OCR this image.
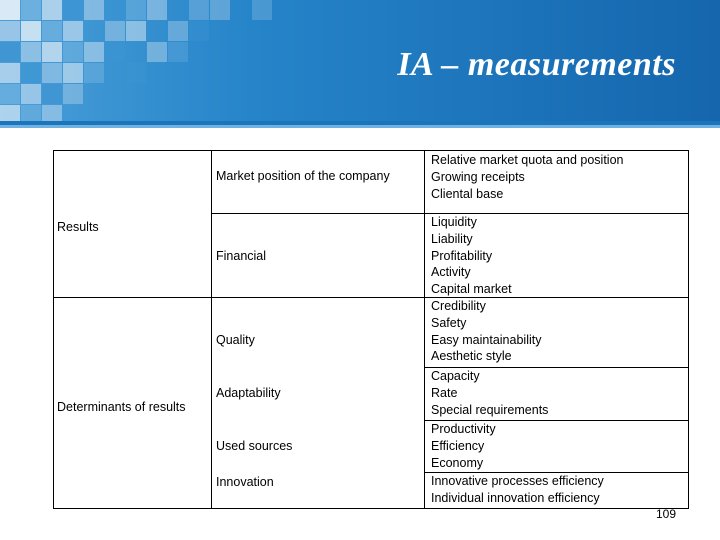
IA – measurements
Results
Determinants of results
Market position of the company
Financial
Quality
Adaptability
Used sources
Innovation
Relative market quota and position
Growing receipts
Cliental base
Liquidity
Liability
Profitability
Activity
Capital market
Credibility
Safety
Easy maintainability
Aesthetic style
Capacity
Rate
Special requirements
Productivity
Efficiency
Economy
Innovative processes efficiency
Individual innovation efficiency
109
